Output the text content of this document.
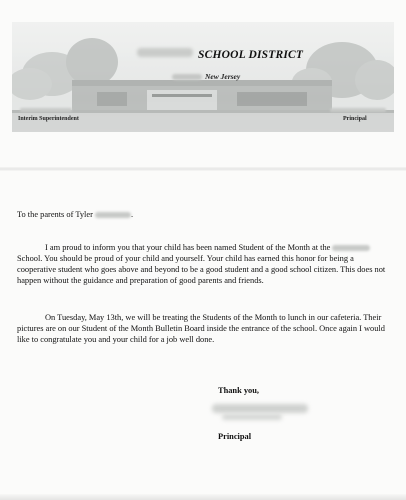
SCHOOL DISTRICT
New Jersey
Interim Superintendent	Principal
To the parents of Tyler	.
I am proud to inform you that your child has been named Student of the Month at the  School. You should be proud of your child and yourself. Your child has earned this honor for being a cooperative student who goes above and beyond to be a good student and a good school citizen. This does not happen without the guidance and preparation of good parents and friends.
On Tuesday, May 13th, we will be treating the Students of the Month to lunch in our cafeteria. Their pictures are on our Student of the Month Bulletin Board inside the entrance of the school. Once again I would like to congratulate you and your child for a job well done.
Thank you,
Principal
